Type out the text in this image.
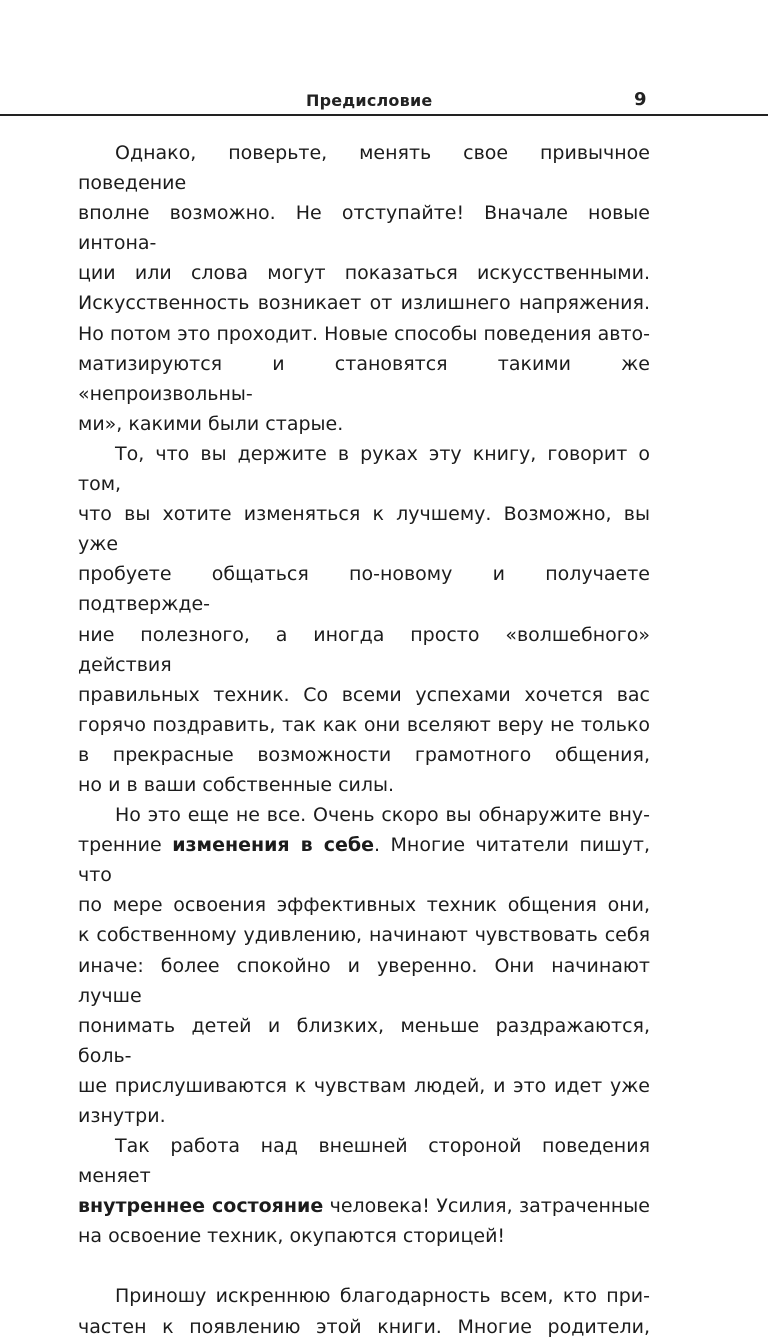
Предисловие	9
Однако, поверьте, менять свое привычное поведение
вполне возможно. Не отступайте! Вначале новые интона-
ции или слова могут показаться искусственными.
Искусственность возникает от излишнего напряжения.
Но потом это проходит. Новые способы поведения авто-
матизируются и становятся такими же «непроизвольны-
ми», какими были старые.
То, что вы держите в руках эту книгу, говорит о том,
что вы хотите изменяться к лучшему. Возможно, вы уже
пробуете общаться по-новому и получаете подтвержде-
ние полезного, а иногда просто «волшебного» действия
правильных техник. Со всеми успехами хочется вас
горячо поздравить, так как они вселяют веру не только
в прекрасные возможности грамотного общения,
но и в ваши собственные силы.
Но это еще не все. Очень скоро вы обнаружите вну-
тренние изменения в себе. Многие читатели пишут, что
по мере освоения эффективных техник общения они,
к собственному удивлению, начинают чувствовать себя
иначе: более спокойно и уверенно. Они начинают лучше
понимать детей и близких, меньше раздражаются, боль-
ше прислушиваются к чувствам людей, и это идет уже
изнутри.
Так работа над внешней стороной поведения меняет
внутреннее состояние человека! Усилия, затраченные
на освоение техник, окупаются сторицей!
Приношу искреннюю благодарность всем, кто при-
частен к появлению этой книги. Многие родители,
